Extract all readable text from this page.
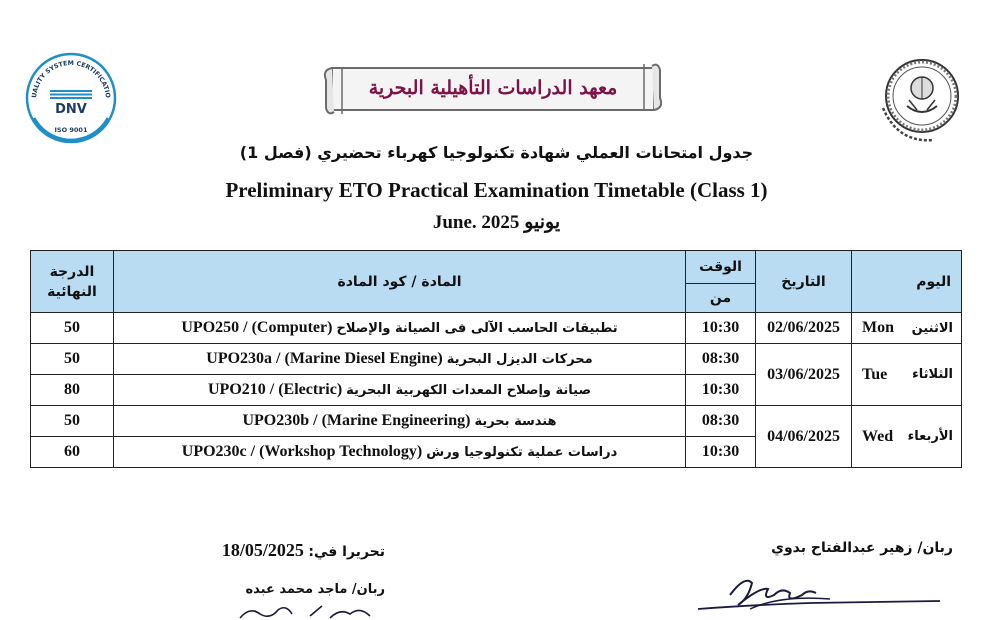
UALITY SYSTEM CERTIFICATIO
DNV
ISO 9001
معهد الدراسات التأهيلية البحرية
جدول امتحانات العملي شهادة تكنولوجيا كهرباء تحضيري (فصل 1)
Preliminary ETO Practical Examination Timetable (Class 1)
June. 2025 يونيو
الدرجة
النهائية	المادة / كود المادة	الوقت	التاريخ	اليوم
		من		
50	تطبيقات الحاسب الآلى فى الصيانة والإصلاح UPO250 / (Computer)	10:30	02/06/2025	Mon الاثنين

50	محركات الديزل البحرية UPO230a / (Marine Diesel Engine)	08:30	03/06/2025	Tue الثلاثاء

80	صيانة وإصلاح المعدات الكهربية البحرية UPO210 / (Electric)	10:30		
50	هندسة بحرية UPO230b / (Marine Engineering)	08:30	04/06/2025	Wed الأربعاء

60	دراسات عملية تكنولوجيا ورش UPO230c / (Workshop Technology)	10:30		
ربان/ زهير عبدالفتاح بدوي
تحريرا في: 18/05/2025
ربان/ ماجد محمد عبده
